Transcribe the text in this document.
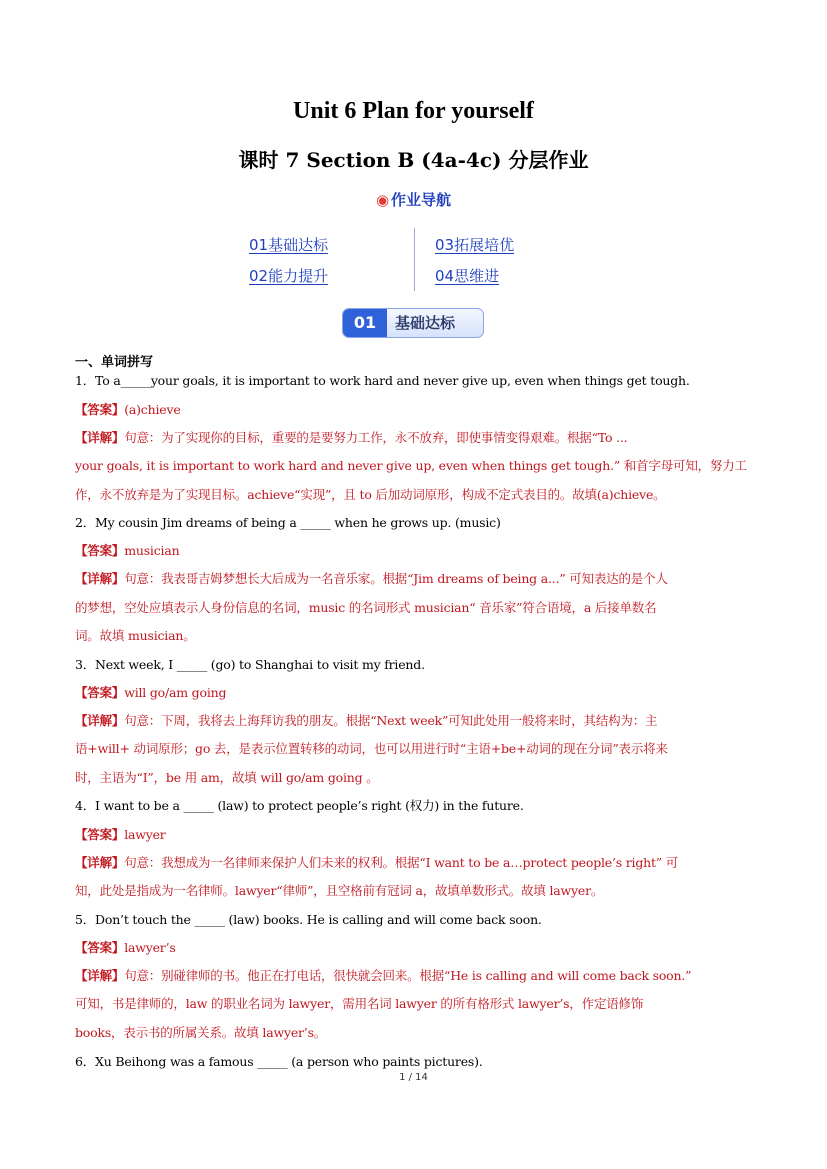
Unit 6 Plan for yourself
课时 7 Section B (4a-4c) 分层作业
◉ 作业导航
01基础达标
02能力提升
03拓展培优
04思维进
01	基础达标
一、单词拼写
1．To a_____your goals, it is important to work hard and never give up, even when things get tough.
【答案】(a)chieve
【详解】句意：为了实现你的目标，重要的是要努力工作，永不放弃，即使事情变得艰难。根据“To ...
your goals, it is important to work hard and never give up, even when things get tough.” 和首字母可知，努力工
作，永不放弃是为了实现目标。achieve“实现”，且 to 后加动词原形，构成不定式表目的。故填(a)chieve。
2．My cousin Jim dreams of being a _____ when he grows up. (music)
【答案】musician
【详解】句意：我表哥吉姆梦想长大后成为一名音乐家。根据“Jim dreams of being a...” 可知表达的是个人
的梦想，空处应填表示人身份信息的名词，music 的名词形式 musician“ 音乐家”符合语境，a 后接单数名
词。故填 musician。
3．Next week, I _____ (go) to Shanghai to visit my friend.
【答案】will go/am going
【详解】句意：下周，我将去上海拜访我的朋友。根据“Next week”可知此处用一般将来时，其结构为：主
语+will+ 动词原形；go 去，是表示位置转移的动词，也可以用进行时“主语+be+动词的现在分词”表示将来
时，主语为“I”，be 用 am，故填 will go/am going 。
4．I want to be a _____ (law) to protect people’s right (权力) in the future.
【答案】lawyer
【详解】句意：我想成为一名律师来保护人们未来的权利。根据“I want to be a…protect people’s right” 可
知，此处是指成为一名律师。lawyer“律师”，且空格前有冠词 a，故填单数形式。故填 lawyer。
5．Don’t touch the _____ (law) books. He is calling and will come back soon.
【答案】lawyer’s
【详解】句意：别碰律师的书。他正在打电话，很快就会回来。根据“He is calling and will come back soon.”
可知，书是律师的，law 的职业名词为 lawyer，需用名词 lawyer 的所有格形式 lawyer’s，作定语修饰
books，表示书的所属关系。故填 lawyer’s。
6．Xu Beihong was a famous _____ (a person who paints pictures).
1 / 14
